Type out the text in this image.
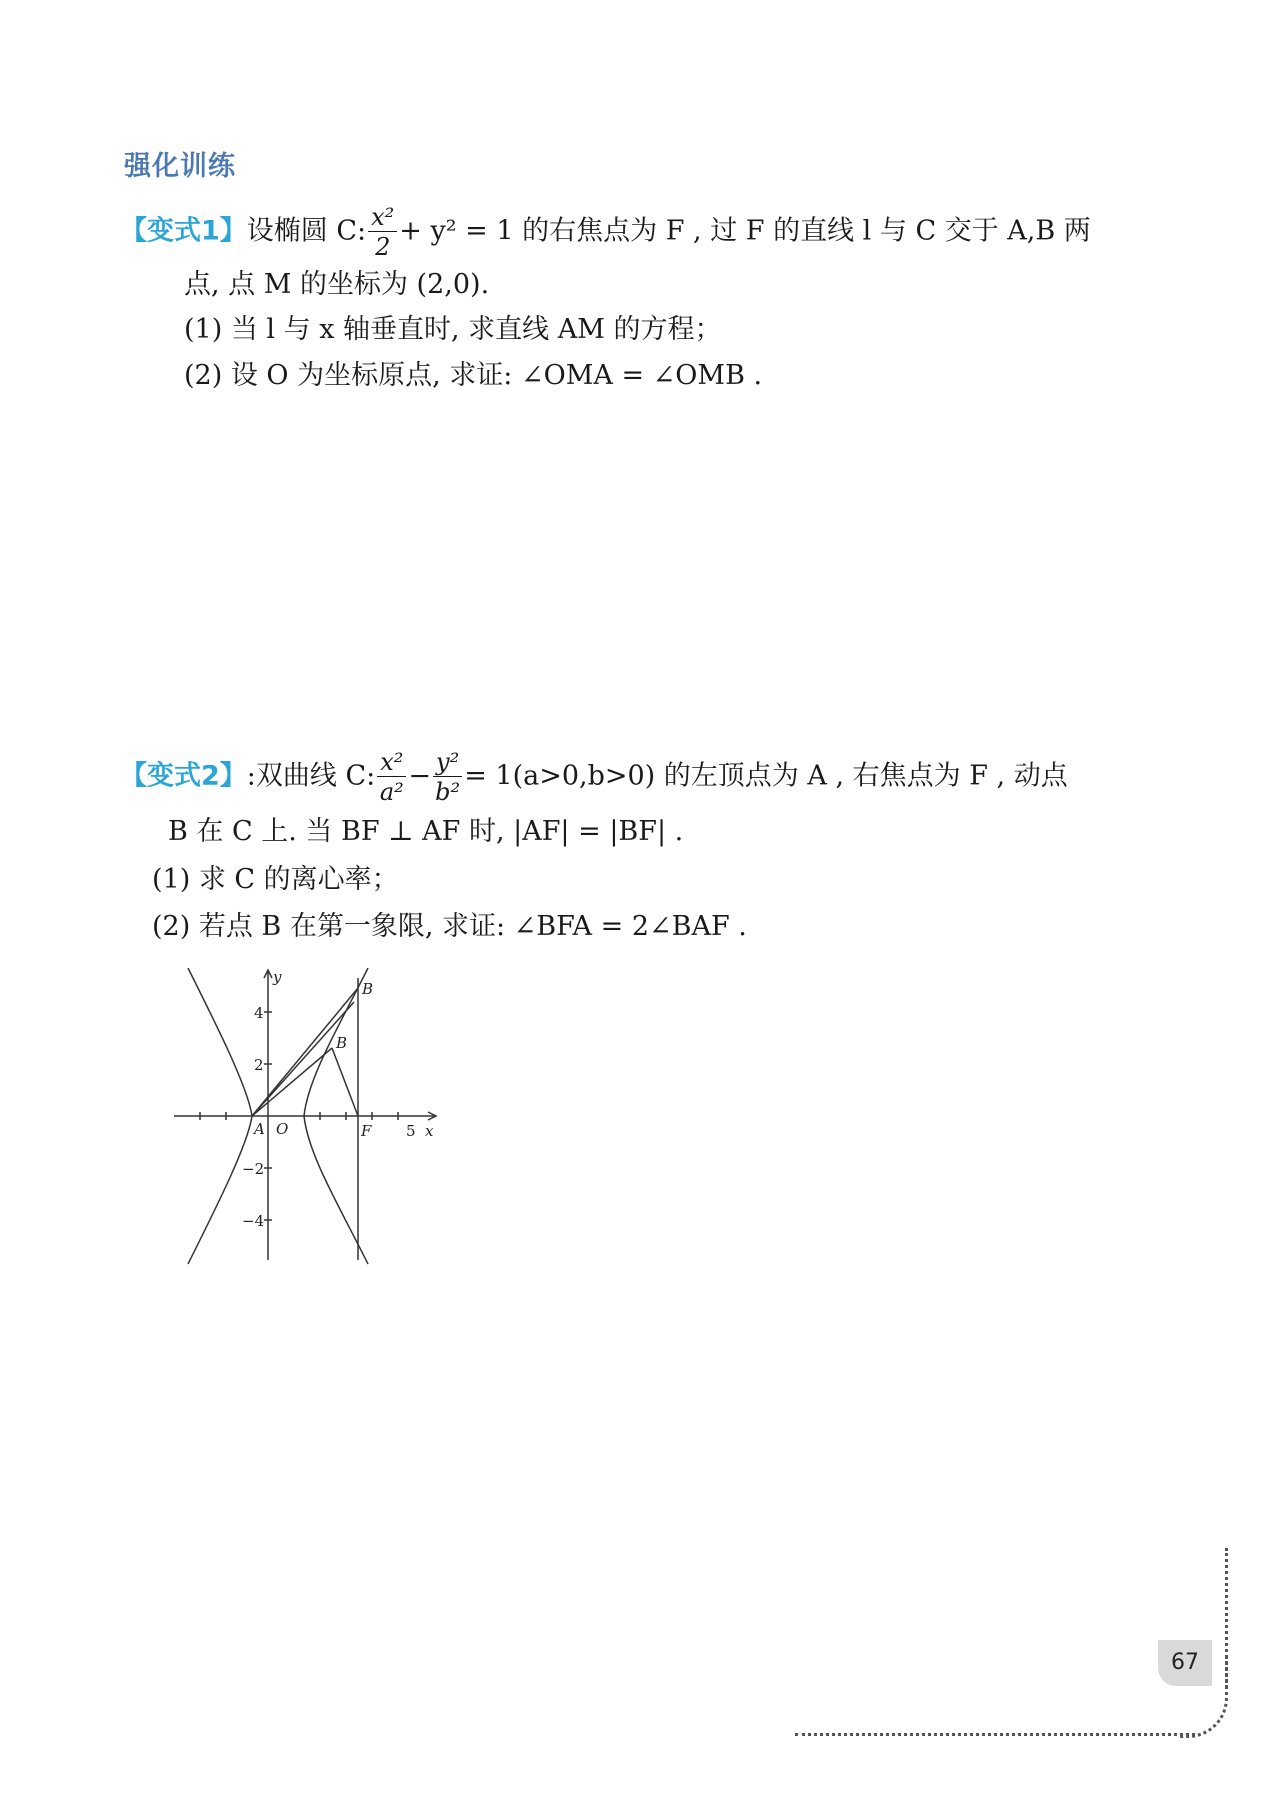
强化训练
【变式1】设椭圆 C: $\frac{\text{x²}}{2} + y^2 = 1$ 的右焦点为 F , 过 F 的直线 l 与 C 交于 A,B 两
点, 点 M 的坐标为 (2,0).
(1) 当 l 与 x 轴垂直时, 求直线 AM 的方程；
(2) 设 O 为坐标原点, 求证: ∠OMA = ∠OMB .
【变式2】:双曲线 C: $\frac{\text{x²}}{\text{a²}} - \frac{\text{y²}}{\text{b²}} = 1(a>0,b>0)$ 的左顶点为 A , 右焦点为 F , 动点
B 在 C 上. 当 BF ⊥ AF 时, |AF| = |BF| .
(1) 求 C 的离心率；
(2) 若点 B 在第一象限, 求证: ∠BFA = 2∠BAF .
y
x
4
2
−2
−4
5
A O	F
B
B
67
